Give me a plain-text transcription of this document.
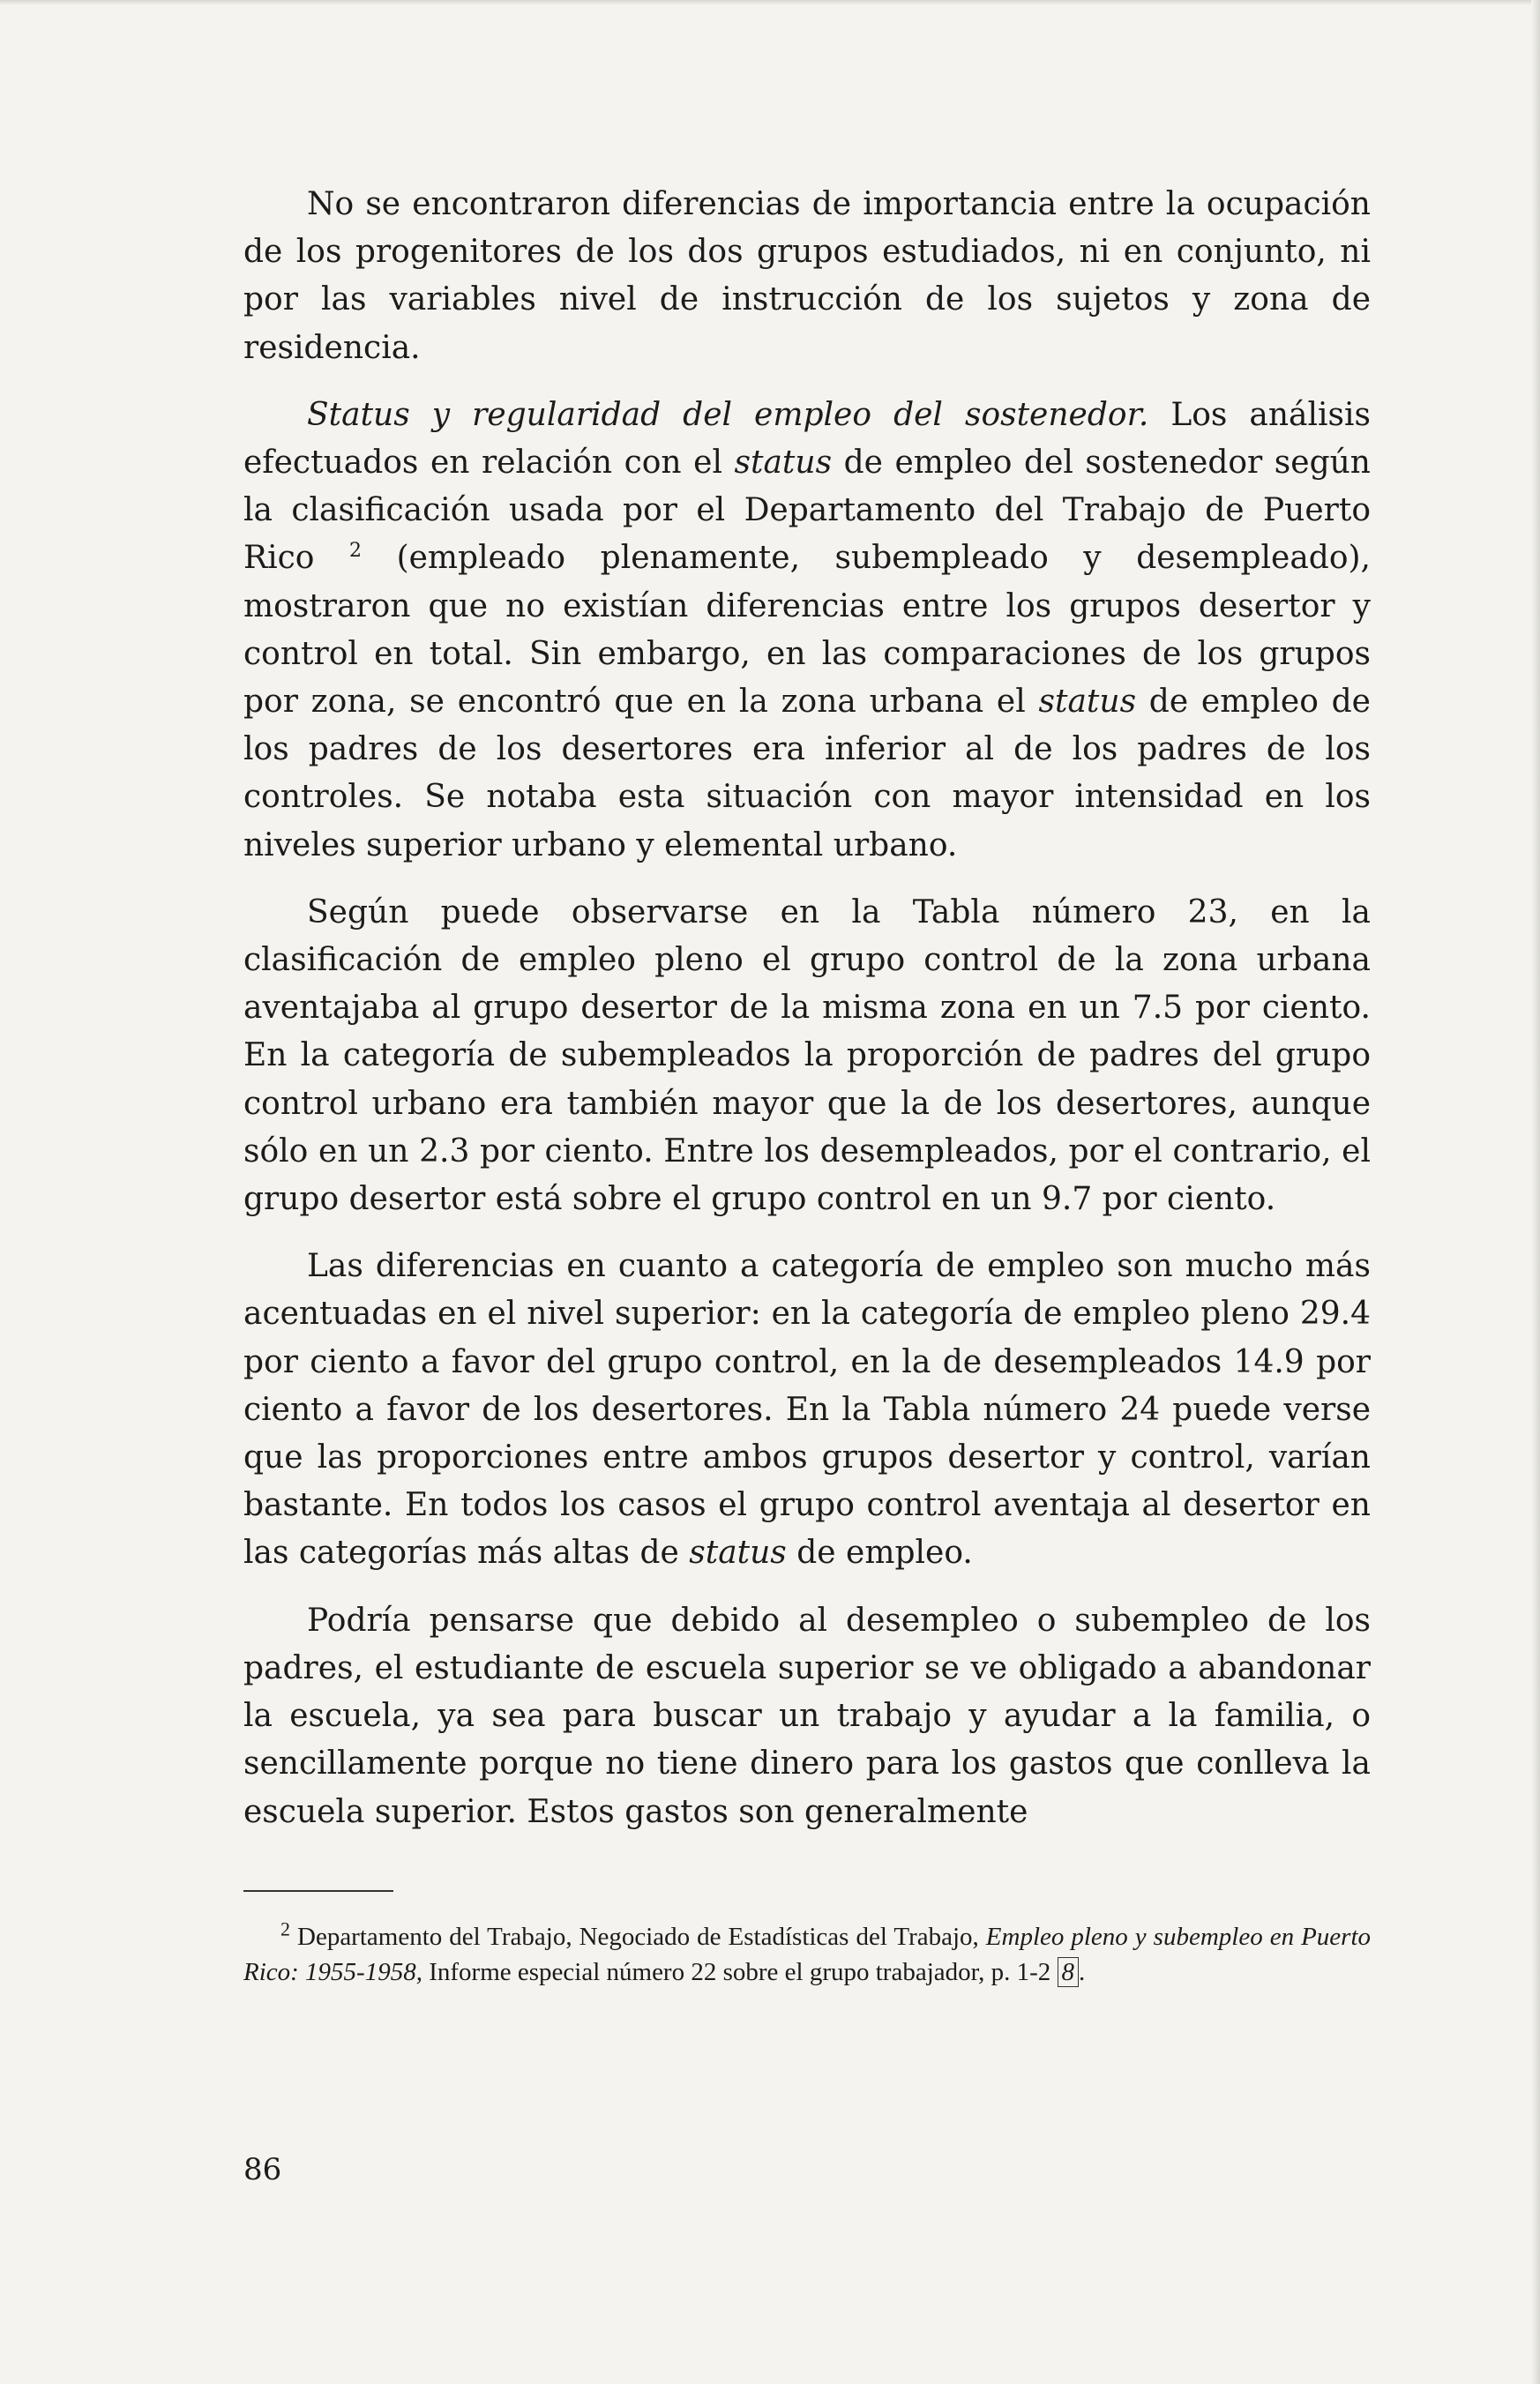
No se encontraron diferencias de importancia entre la ocupación de los progenitores de los dos grupos estudiados, ni en conjunto, ni por las variables nivel de instrucción de los sujetos y zona de residencia.

Status y regularidad del empleo del sostenedor. Los análisis efectuados en relación con el status de empleo del sostenedor según la clasificación usada por el Departamento del Trabajo de Puerto Rico $^2$ (empleado plenamente, subempleado y desempleado), mostraron que no existían diferencias entre los grupos desertor y control en total. Sin embargo, en las comparaciones de los grupos por zona, se encontró que en la zona urbana el status de empleo de los padres de los desertores era inferior al de los padres de los controles. Se notaba esta situación con mayor intensidad en los niveles superior urbano y elemental urbano.

Según puede observarse en la Tabla número 23, en la clasificación de empleo pleno el grupo control de la zona urbana aventajaba al grupo desertor de la misma zona en un 7.5 por ciento. En la categoría de subempleados la proporción de padres del grupo control urbano era también mayor que la de los desertores, aunque sólo en un 2.3 por ciento. Entre los desempleados, por el contrario, el grupo desertor está sobre el grupo control en un 9.7 por ciento.

Las diferencias en cuanto a categoría de empleo son mucho más acentuadas en el nivel superior: en la categoría de empleo pleno 29.4 por ciento a favor del grupo control, en la de desempleados 14.9 por ciento a favor de los desertores. En la Tabla número 24 puede verse que las proporciones entre ambos grupos desertor y control, varían bastante. En todos los casos el grupo control aventaja al desertor en las categorías más altas de status de empleo.

Podría pensarse que debido al desempleo o subempleo de los padres, el estudiante de escuela superior se ve obligado a abandonar la escuela, ya sea para buscar un trabajo y ayudar a la familia, o sencillamente porque no tiene dinero para los gastos que conlleva la escuela superior. Estos gastos son generalmente

$^2$ Departamento del Trabajo, Negociado de Estadísticas del Trabajo, Empleo pleno y subempleo en Puerto Rico: 1955-1958, Informe especial número 22 sobre el grupo trabajador, p. 1-2 8 .

86
